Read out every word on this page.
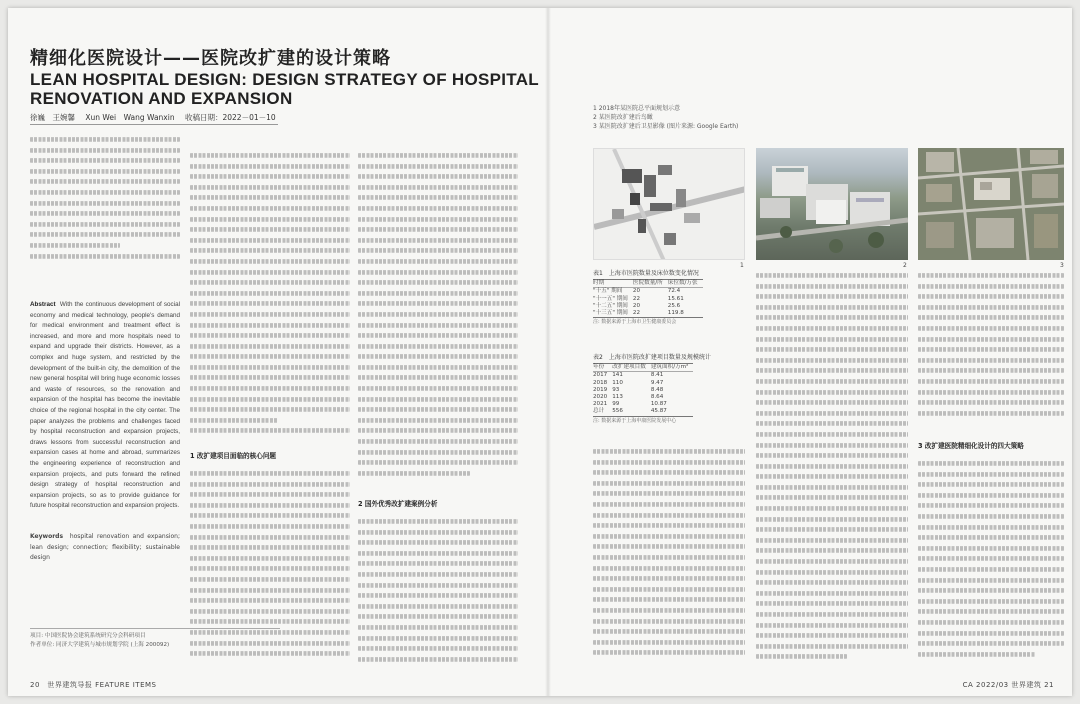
精细化医院设计——医院改扩建的设计策略
LEAN HOSPITAL DESIGN: DESIGN STRATEGY OF HOSPITAL
RENOVATION AND EXPANSION
徐巍　王婉馨 Xun Wei　Wang Wanxin 收稿日期：2022－01－10
Abstract With the continuous development of social economy and medical technology, people's demand for medical environment and treatment effect is increased, and more and more hospitals need to expand and upgrade their districts. However, as a complex and huge system, and restricted by the development of the built-in city, the demolition of the new general hospital will bring huge economic losses and waste of resources, so the renovation and expansion of the hospital has become the inevitable choice of the regional hospital in the city center. The paper analyzes the problems and challenges faced by hospital reconstruction and expansion projects, draws lessons from successful reconstruction and expansion cases at home and abroad, summarizes the engineering experience of reconstruction and expansion projects, and puts forward the refined design strategy of hospital reconstruction and expansion projects, so as to provide guidance for future hospital reconstruction and expansion projects.
Keywords hospital renovation and expansion; lean design; connection; flexibility; sustainable design
1 改扩建项目面临的核心问题
2 国外优秀改扩建案例分析
项目: 中国医院协会建筑系统研究分会科研项目
作者单位: 同济大学建筑与城市规划学院 (上海 200092)
20　世界建筑导报 FEATURE ITEMS	CA 2022/03 世界建筑 21
1 2018年某医院总平面规划示意
2 某医院改扩建后鸟瞰
3 某医院改扩建后卫星影像 (图片来源: Google Earth)
1	2	3
表1　上海市医院数量及床位数变化情况
时期	医院数量/所	床位数/万张
"十五" 期间	20	72.4
"十一五" 期间	22	15.61
"十二五" 期间	20	25.6
"十三五" 期间	22	119.8
注: 数据来源于上海市卫生健康委员会
表2　上海市医院改扩建项目数量及规模统计
年份	改扩建项目数	建筑面积/万m²
2017	141	8.41
2018	110	9.47
2019	93	8.48
2020	113	8.64
2021	99	10.87
总计	556	45.87
注: 数据来源于上海申康医院发展中心
3 改扩建医院精细化设计的四大策略
